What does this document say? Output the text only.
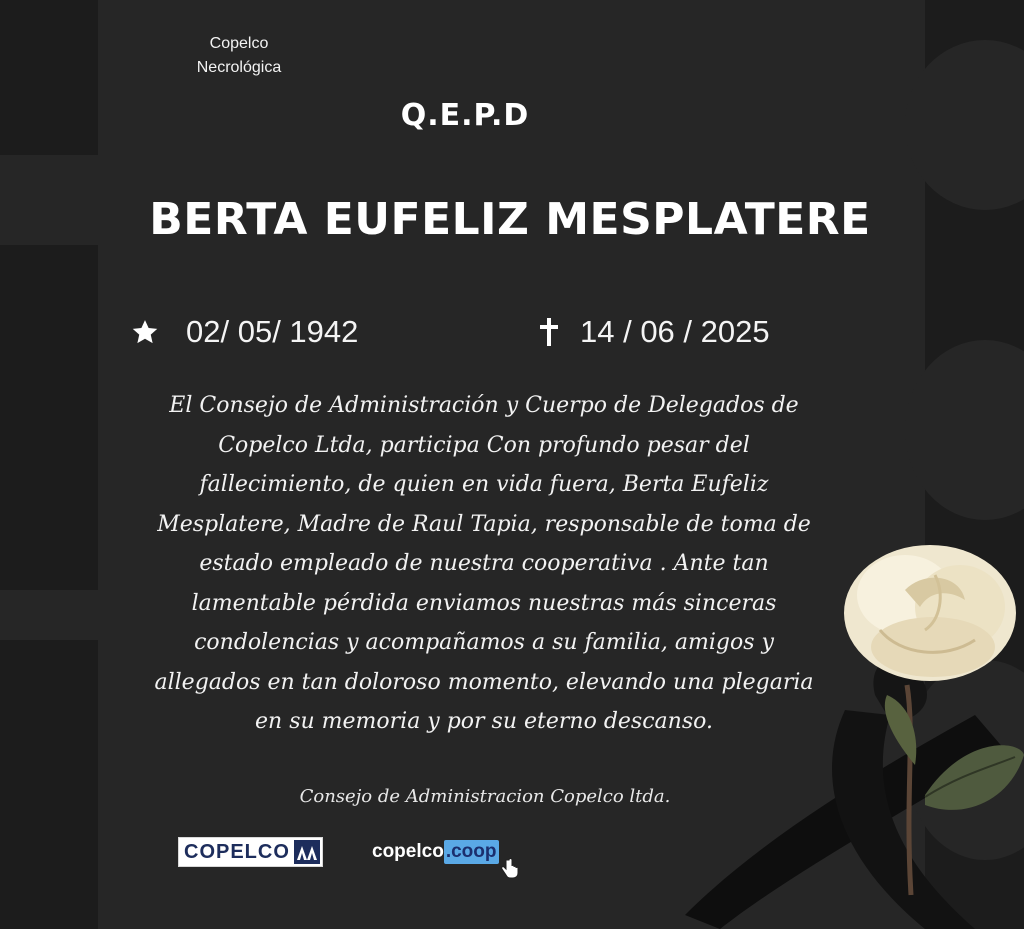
Copelco
Necrológica
Q.E.P.D
BERTA EUFELIZ MESPLATERE
02/ 05/ 1942	14 / 06 / 2025
El Consejo de Administración y Cuerpo de Delegados de
Copelco Ltda, participa Con profundo pesar del
fallecimiento, de quien en vida fuera, Berta Eufeliz
Mesplatere, Madre de Raul Tapia, responsable de toma de
estado empleado de nuestra cooperativa . Ante tan
lamentable pérdida enviamos nuestras más sinceras
condolencias y acompañamos a su familia, amigos y
allegados en tan doloroso momento, elevando una plegaria
en su memoria y por su eterno descanso.
Consejo de Administracion Copelco ltda.
COPELCO	copelco .coop
